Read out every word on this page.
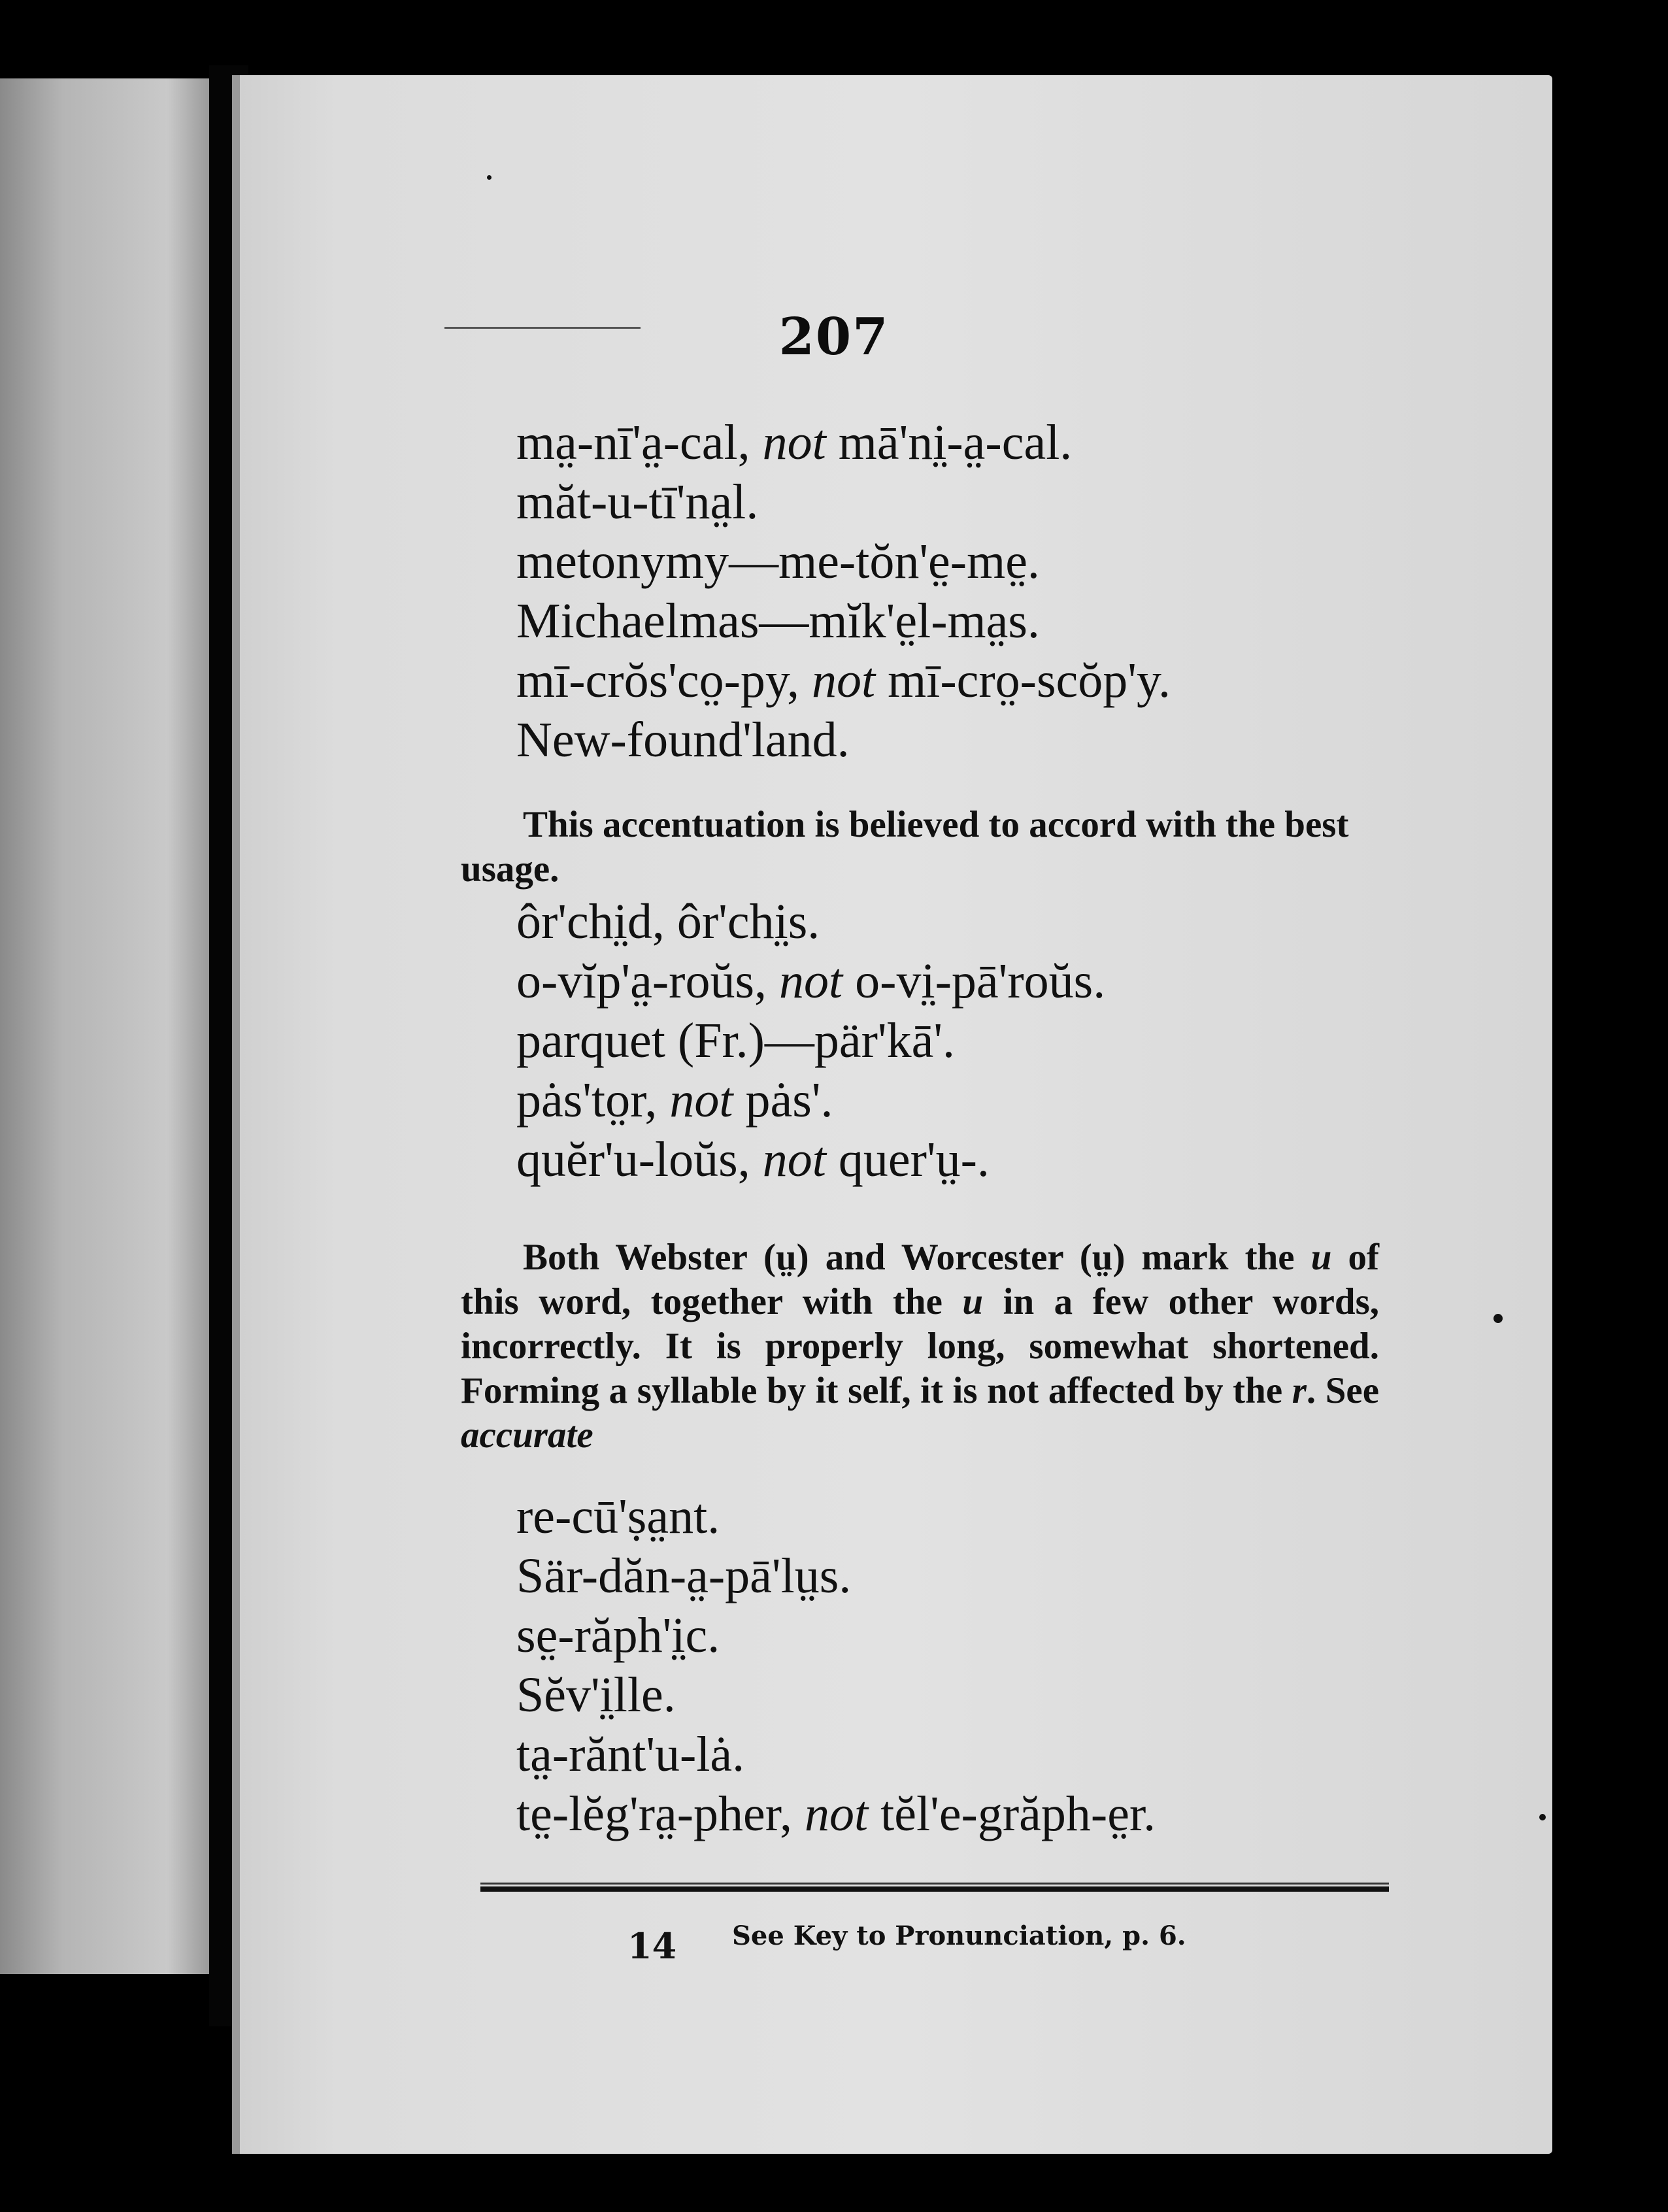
207

ma̤-nī'a̤-cal, not mā'ni̤-a̤-cal.

măt-u-tī'na̤l.

metonymy—me-tŏn'e̤-me̤.

Michaelmas—mĭk'e̤l-ma̤s.

mī-crŏs'co̤-py, not mī-cro̤-scŏp'y.

New-found'land.

This accentuation is believed to accord with the best usage.

ôr'chi̤d, ôr'chi̤s.

o-vĭp'a̤-roŭs, not o-vi̤-pā'roŭs.

parquet (Fr.)—pär'kā'.

pȧs'to̤r, not pȧs'.

quĕr'u-loŭs, not quer'ṳ-.

Both Webster (ṳ) and Worcester (ṳ) mark the u of this word, together with the u in a few other words, incorrectly. It is properly long, somewhat shortened. Forming a syllable by it self, it is not affected by the r. See accurate

re-cū'ṣa̤nt.

Sär-dăn-a̤-pā'lṳs.

se̤-răph'i̤c.

Sĕv'i̤lle.

ta̤-rănt'u-lȧ.

te̤-lĕg'ra̤-pher, not tĕl'e-grăph-e̤r.

14 See Key to Pronunciation, p. 6.
